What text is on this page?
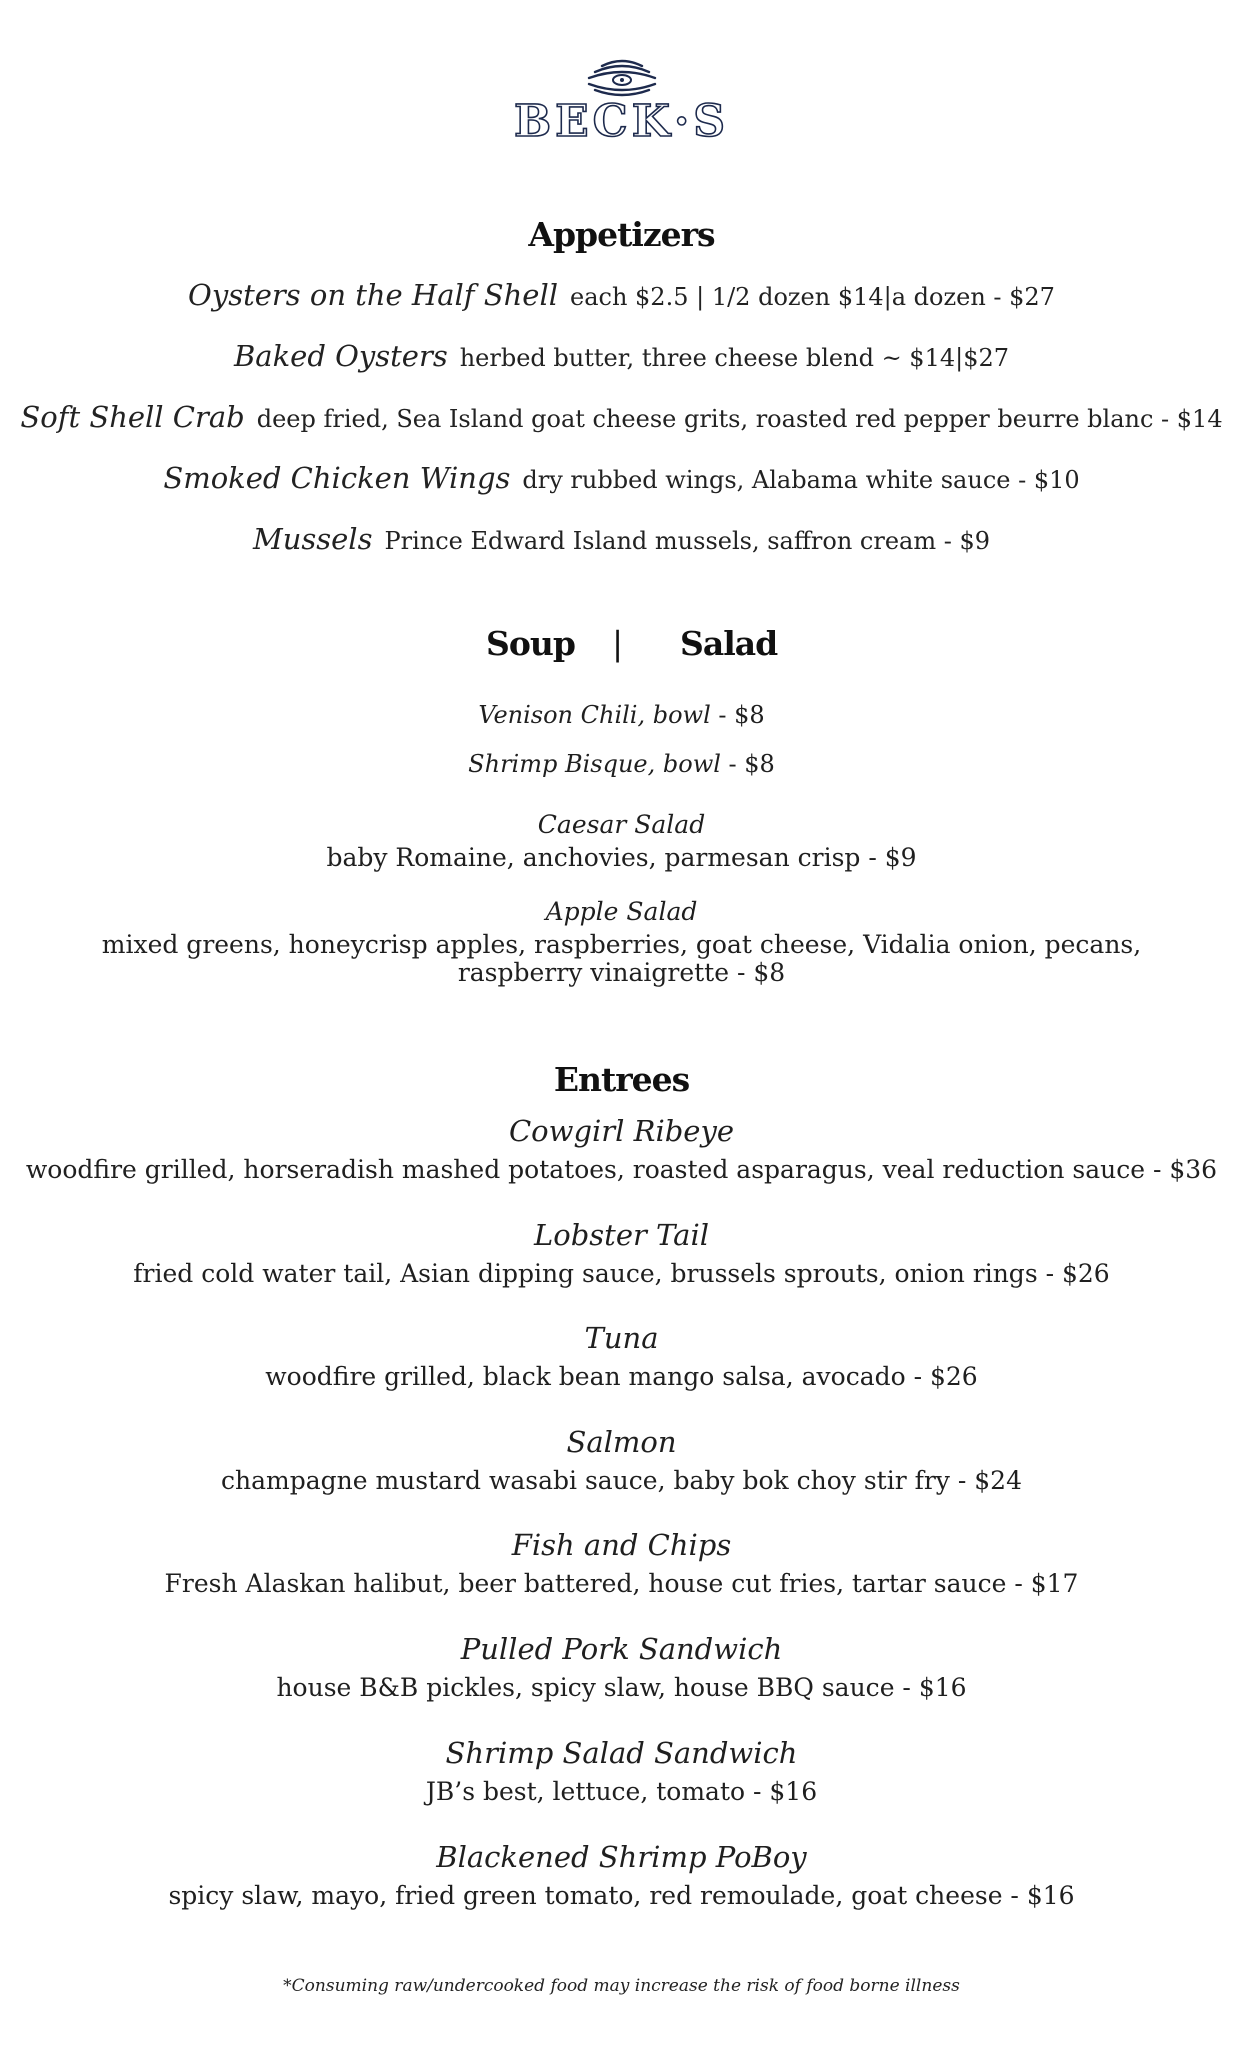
BECK·S
Appetizers
Oysters on the Half Shell each $2.5 | 1/2 dozen $14|a dozen - $27
Baked Oysters herbed butter, three cheese blend ~ $14|$27
Soft Shell Crab deep fried, Sea Island goat cheese grits, roasted red pepper beurre blanc - $14
Smoked Chicken Wings dry rubbed wings, Alabama white sauce - $10
Mussels Prince Edward Island mussels, saffron cream - $9
Soup | Salad
Venison Chili, bowl - $8
Shrimp Bisque, bowl - $8
Caesar Salad
baby Romaine, anchovies, parmesan crisp - $9
Apple Salad
mixed greens, honeycrisp apples, raspberries, goat cheese, Vidalia onion, pecans,
raspberry vinaigrette - $8
Entrees
Cowgirl Ribeye
woodfire grilled, horseradish mashed potatoes, roasted asparagus, veal reduction sauce - $36
Lobster Tail
fried cold water tail, Asian dipping sauce, brussels sprouts, onion rings - $26
Tuna
woodfire grilled, black bean mango salsa, avocado - $26
Salmon
champagne mustard wasabi sauce, baby bok choy stir fry - $24
Fish and Chips
Fresh Alaskan halibut, beer battered, house cut fries, tartar sauce - $17
Pulled Pork Sandwich
house B&B pickles, spicy slaw, house BBQ sauce - $16
Shrimp Salad Sandwich
JB’s best, lettuce, tomato - $16
Blackened Shrimp PoBoy
spicy slaw, mayo, fried green tomato, red remoulade, goat cheese - $16
*Consuming raw/undercooked food may increase the risk of food borne illness
